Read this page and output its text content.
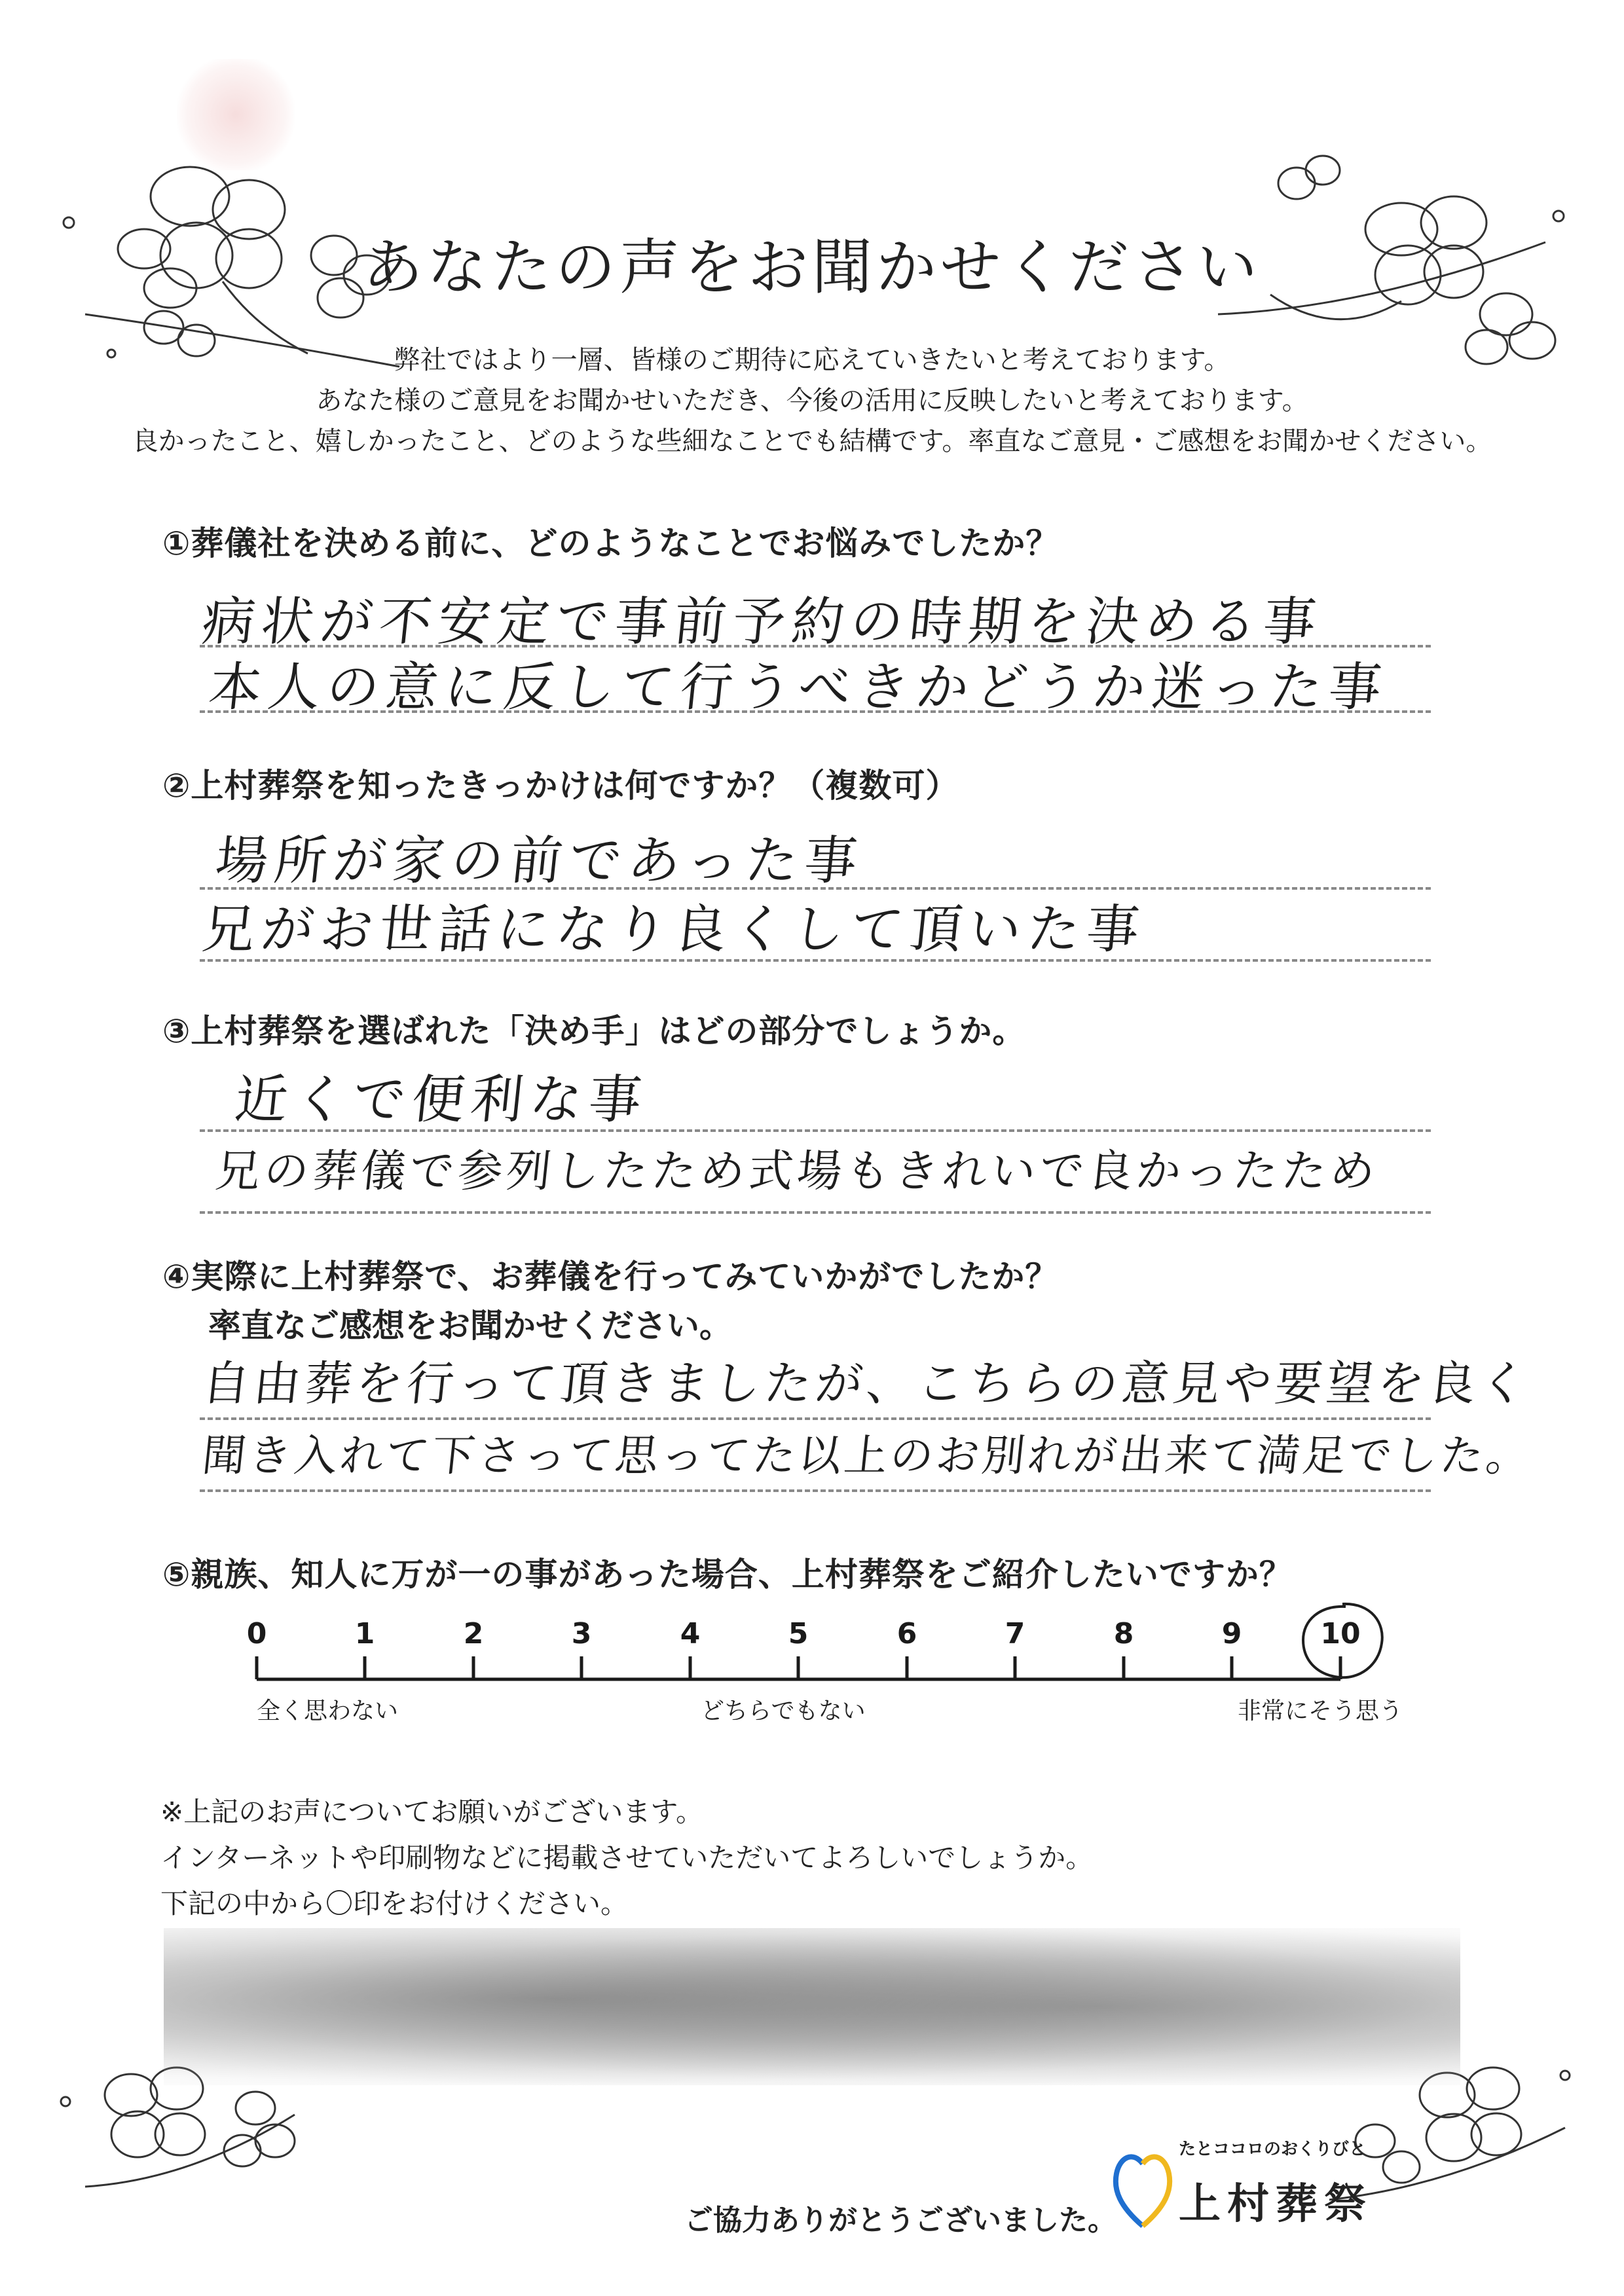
あなたの声をお聞かせください
弊社ではより一層、皆様のご期待に応えていきたいと考えております。
あなた様のご意見をお聞かせいただき、今後の活用に反映したいと考えております。
良かったこと、嬉しかったこと、どのような些細なことでも結構です。率直なご意見・ご感想をお聞かせください。
①葬儀社を決める前に、どのようなことでお悩みでしたか？
病状が不安定で事前予約の時期を決める事
本人の意に反して行うべきかどうか迷った事
②上村葬祭を知ったきっかけは何ですか？（複数可）
場所が家の前であった事
兄がお世話になり良くして頂いた事
③上村葬祭を選ばれた「決め手」はどの部分でしょうか。
近くで便利な事
兄の葬儀で参列したため式場もきれいで良かったため
④実際に上村葬祭で、お葬儀を行ってみていかがでしたか？
率直なご感想をお聞かせください。
自由葬を行って頂きましたが、こちらの意見や要望を良く
聞き入れて下さって思ってた以上のお別れが出来て満足でした。
⑤親族、知人に万が一の事があった場合、上村葬祭をご紹介したいですか？
0	1	2	3	4	5	6	7	8	9	10
全く思わない	どちらでもない	非常にそう思う
※上記のお声についてお願いがございます。
インターネットや印刷物などに掲載させていただいてよろしいでしょうか。
下記の中から〇印をお付けください。
ご協力ありがとうございました。
たとココロのおくりびと
上村葬祭
